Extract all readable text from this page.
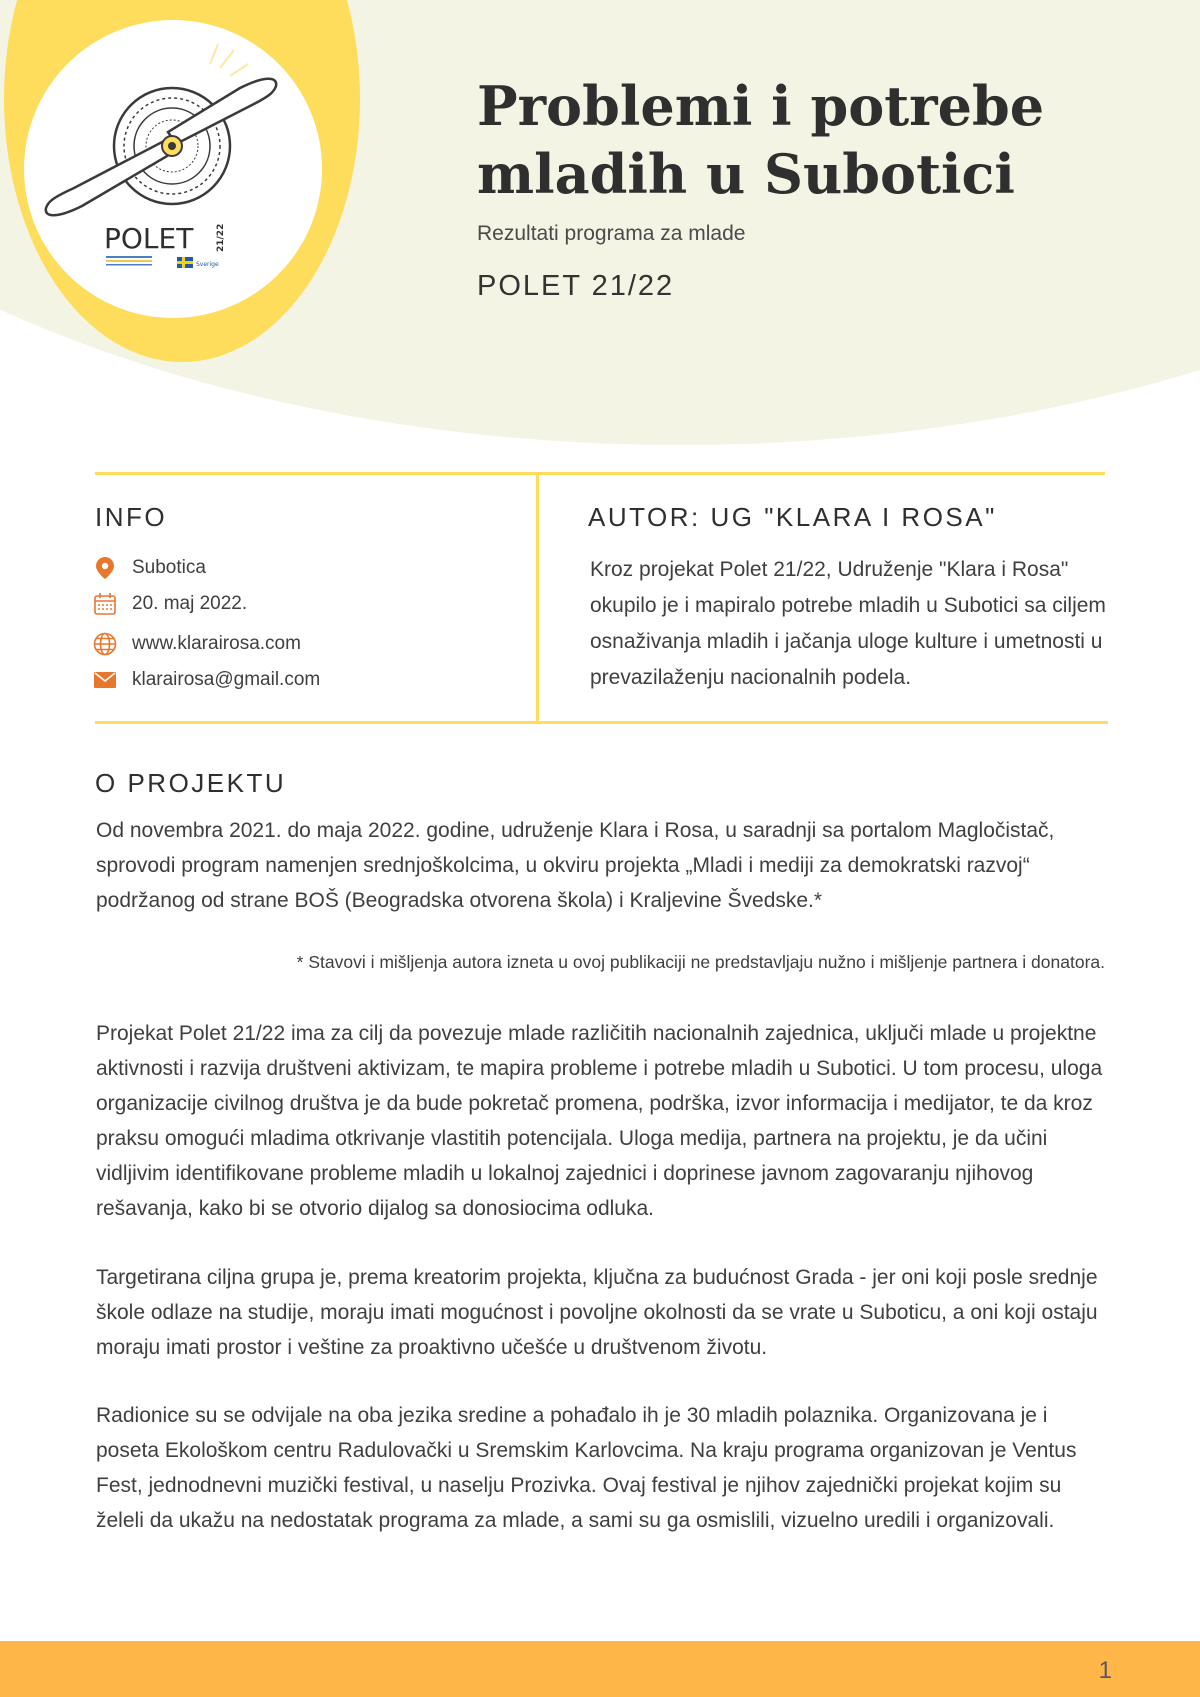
POLET	21/22
Sverige
Problemi i potrebe
mladih u Subotici
Rezultati programa za mlade
POLET 21/22
INFO	AUTOR: UG "KLARA I ROSA"
Subotica
20. maj 2022.
www.klarairosa.com
klarairosa@gmail.com

Kroz projekat Polet 21/22, Udruženje "Klara i Rosa" okupilo je i mapiralo potrebe mladih u Subotici sa ciljem osnaživanja mladih i jačanja uloge kulture i umetnosti u prevazilaženju nacionalnih podela.

O PROJEKTU

Od novembra 2021. do maja 2022. godine, udruženje Klara i Rosa, u saradnji sa portalom Magločistač, sprovodi program namenjen srednjoškolcima, u okviru projekta „Mladi i mediji za demokratski razvoj“ podržanog od strane BOŠ (Beogradska otvorena škola) i Kraljevine Švedske.*

* Stavovi i mišljenja autora izneta u ovoj publikaciji ne predstavljaju nužno i mišljenje partnera i donatora.

Projekat Polet 21/22 ima za cilj da povezuje mlade različitih nacionalnih zajednica, uključi mlade u projektne aktivnosti i razvija društveni aktivizam, te mapira probleme i potrebe mladih u Subotici. U tom procesu, uloga organizacije civilnog društva je da bude pokretač promena, podrška, izvor informacija i medijator, te da kroz praksu omogući mladima otkrivanje vlastitih potencijala. Uloga medija, partnera na projektu, je da učini vidljivim identifikovane probleme mladih u lokalnoj zajednici i doprinese javnom zagovaranju njihovog rešavanja, kako bi se otvorio dijalog sa donosiocima odluka.

Targetirana ciljna grupa je, prema kreatorim projekta, ključna za budućnost Grada - jer oni koji posle srednje škole odlaze na studije, moraju imati mogućnost i povoljne okolnosti da se vrate u Suboticu, a oni koji ostaju moraju imati prostor i veštine za proaktivno učešće u društvenom životu.

Radionice su se odvijale na oba jezika sredine a pohađalo ih je 30 mladih polaznika. Organizovana je i poseta Ekološkom centru Radulovački u Sremskim Karlovcima. Na kraju programa organizovan je Ventus Fest, jednodnevni muzički festival, u naselju Prozivka. Ovaj festival je njihov zajednički projekat kojim su želeli da ukažu na nedostatak programa za mlade, a sami su ga osmislili, vizuelno uredili i organizovali.

1
